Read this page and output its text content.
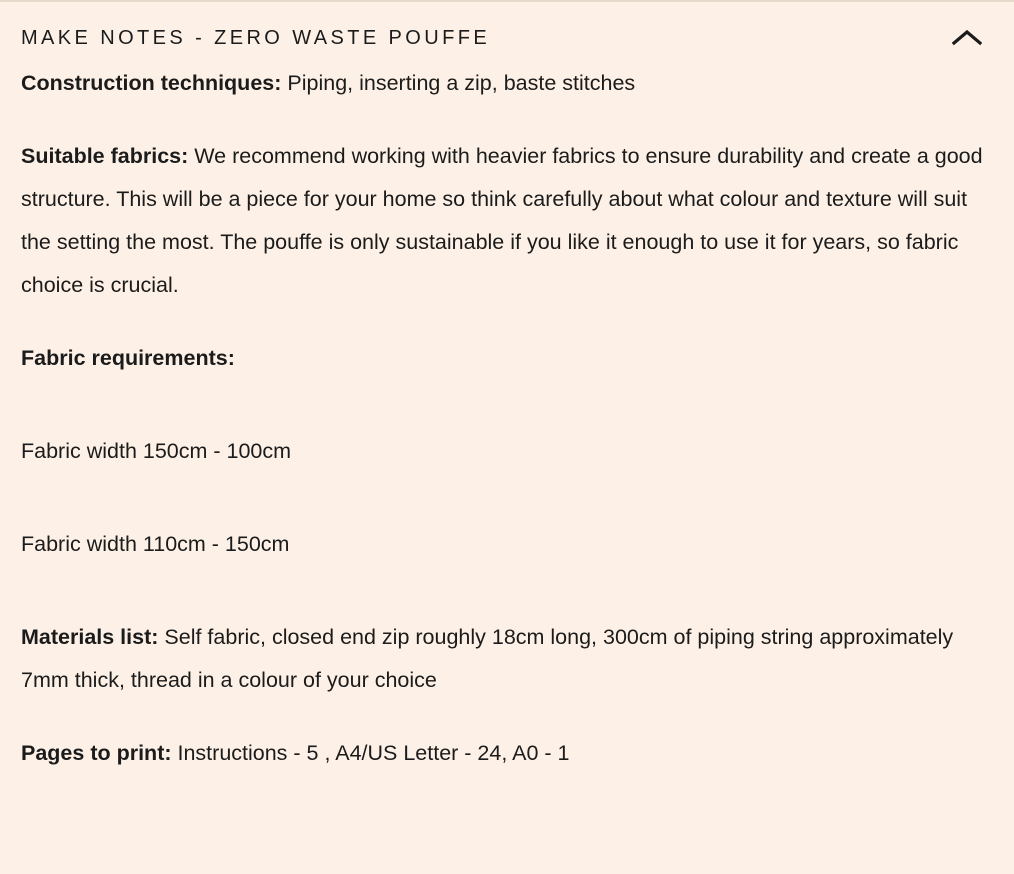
MAKE NOTES - ZERO WASTE POUFFE

Construction techniques: Piping, inserting a zip, baste stitches

Suitable fabrics: We recommend working with heavier fabrics to ensure durability and create a good structure. This will be a piece for your home so think carefully about what colour and texture will suit the setting the most. The pouffe is only sustainable if you like it enough to use it for years, so fabric choice is crucial.

Fabric requirements:

Fabric width 150cm - 100cm

Fabric width 110cm - 150cm

Materials list: Self fabric, closed end zip roughly 18cm long, 300cm of piping string approximately 7mm thick, thread in a colour of your choice

Pages to print: Instructions - 5 , A4/US Letter - 24, A0 - 1
